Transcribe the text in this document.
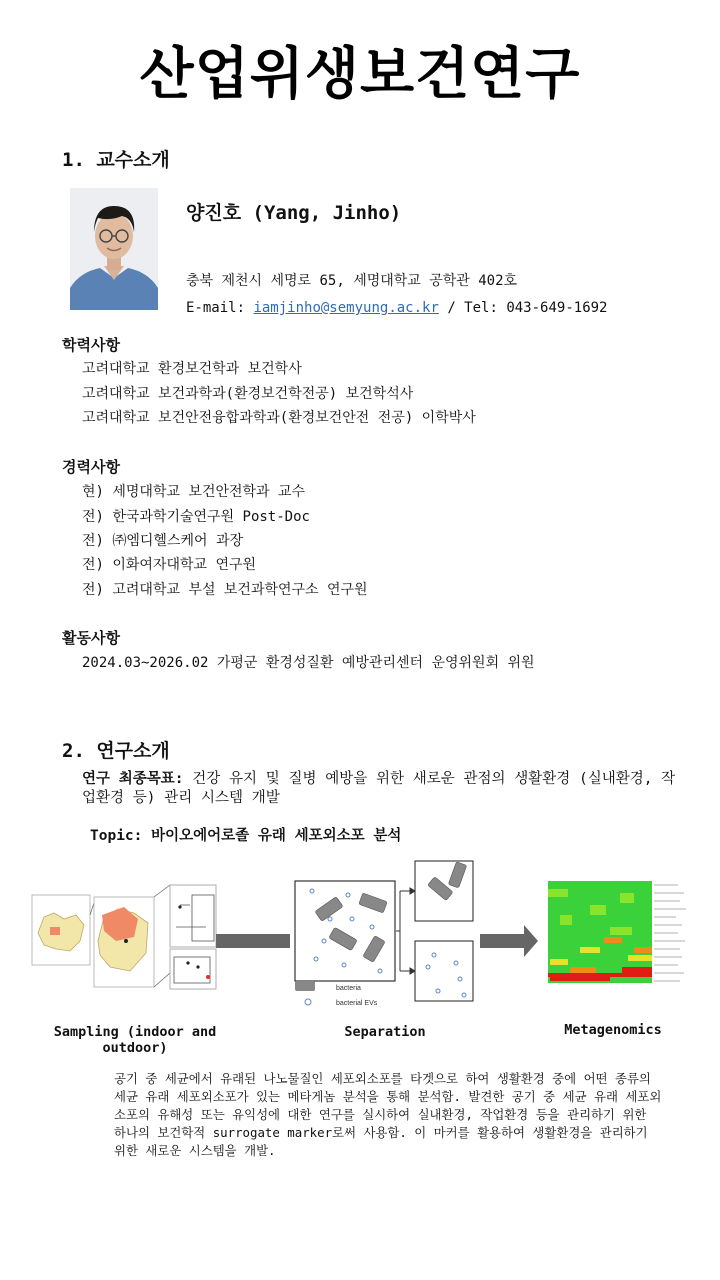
산업위생보건연구
1. 교수소개
양진호 (Yang, Jinho)
충북 제천시 세명로 65, 세명대학교 공학관 402호
E-mail: iamjinho@semyung.ac.kr / Tel: 043-649-1692
학력사항
고려대학교 환경보건학과 보건학사
고려대학교 보건과학과(환경보건학전공) 보건학석사
고려대학교 보건안전융합과학과(환경보건안전 전공) 이학박사
경력사항
현) 세명대학교 보건안전학과 교수
전) 한국과학기술연구원 Post-Doc
전) ㈜엠디헬스케어 과장
전) 이화여자대학교 연구원
전) 고려대학교 부설 보건과학연구소 연구원
활동사항
2024.03~2026.02 가평군 환경성질환 예방관리센터 운영위원회 위원
2. 연구소개
연구 최종목표: 건강 유지 및 질병 예방을 위한 새로운 관점의 생활환경 (실내환경, 작업환경 등) 관리 시스템 개발
Topic: 바이오에어로졸 유래 세포외소포 분석
bacteria
bacterial EVs
Sampling (indoor and outdoor)
Separation	Metagenomics
공기 중 세균에서 유래된 나노물질인 세포외소포를 타겟으로 하여 생활환경 중에 어떤 종류의 세균 유래 세포외소포가 있는 메타게놈 분석을 통해 분석함. 발견한 공기 중 세균 유래 세포외소포의 유해성 또는 유익성에 대한 연구를 실시하여 실내환경, 작업환경 등을 관리하기 위한 하나의 보건학적 surrogate marker로써 사용함. 이 마커를 활용하여 생활환경을 관리하기 위한 새로운 시스템을 개발.
